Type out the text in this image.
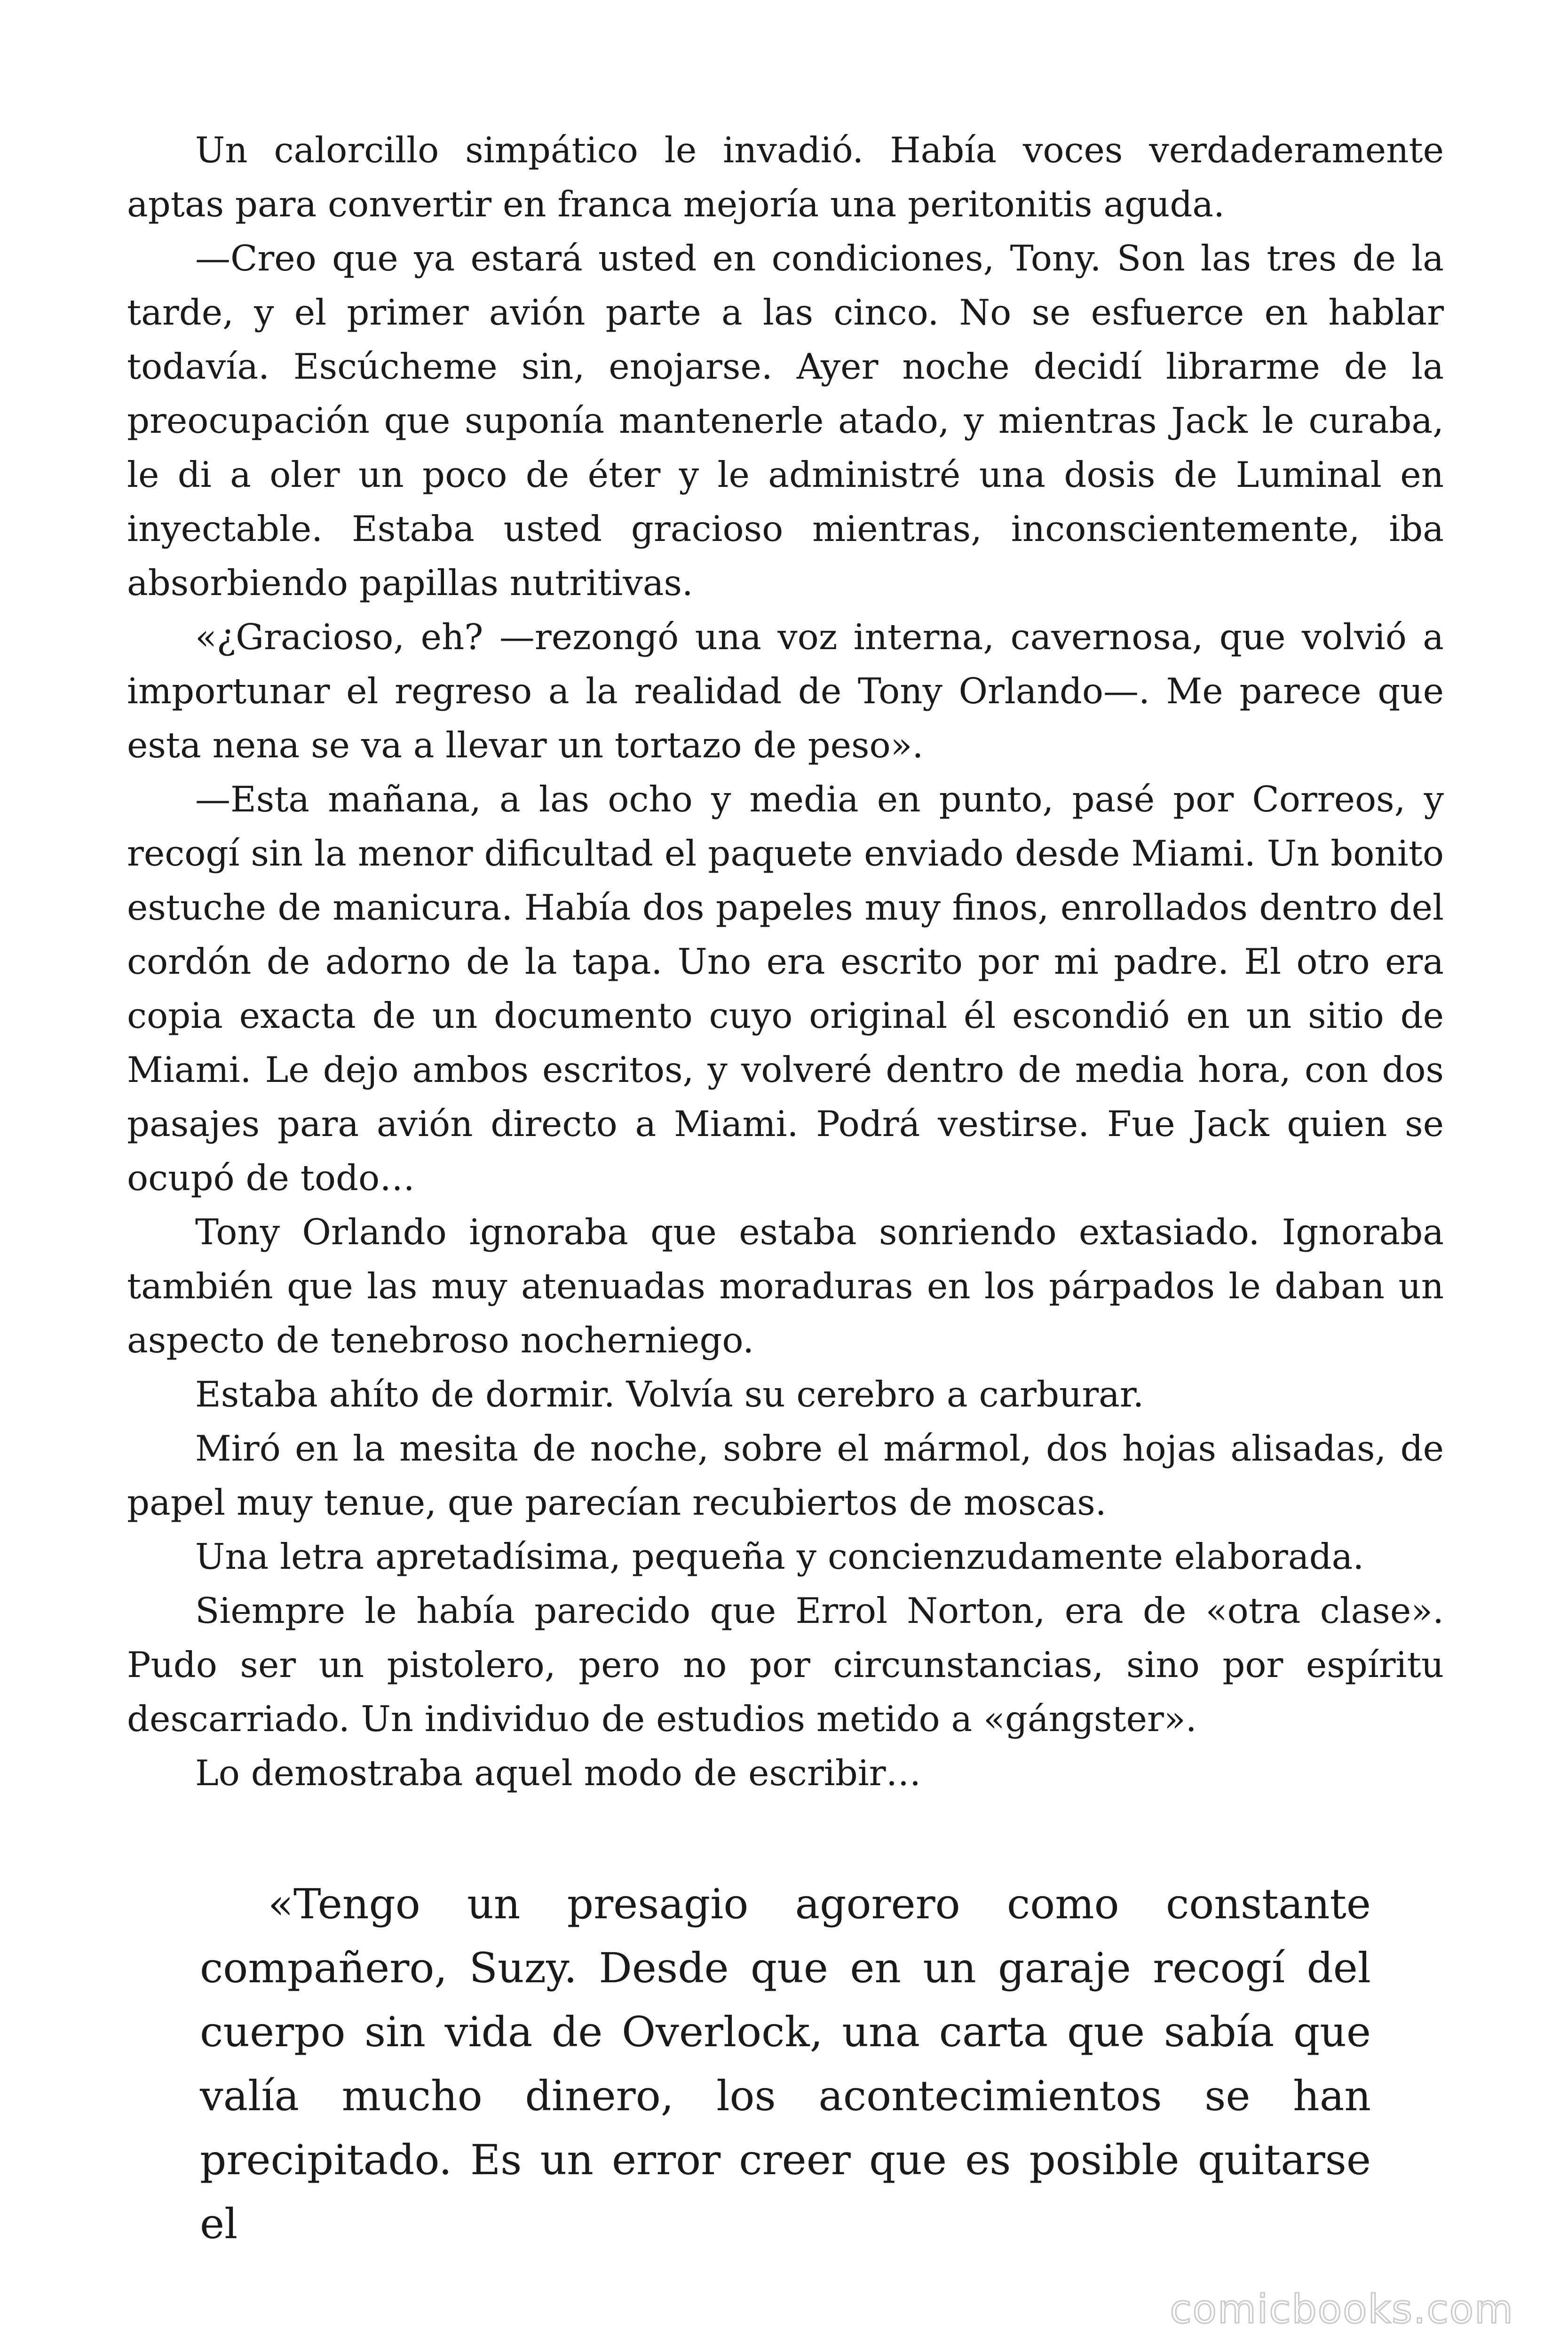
Un calorcillo simpático le invadió. Había voces verdaderamente aptas para convertir en franca mejoría una peritonitis aguda.

—Creo que ya estará usted en condiciones, Tony. Son las tres de la tarde, y el primer avión parte a las cinco. No se esfuerce en hablar todavía. Escúcheme sin, enojarse. Ayer noche decidí librarme de la preocupación que suponía mantenerle atado, y mientras Jack le curaba, le di a oler un poco de éter y le administré una dosis de Luminal en inyectable. Estaba usted gracioso mientras, inconscientemente, iba absorbiendo papillas nutritivas.

«¿Gracioso, eh? —rezongó una voz interna, cavernosa, que volvió a importunar el regreso a la realidad de Tony Orlando—. Me parece que esta nena se va a llevar un tortazo de peso».

—Esta mañana, a las ocho y media en punto, pasé por Correos, y recogí sin la menor dificultad el paquete enviado desde Miami. Un bonito estuche de manicura. Había dos papeles muy finos, enrollados dentro del cordón de adorno de la tapa. Uno era escrito por mi padre. El otro era copia exacta de un documento cuyo original él escondió en un sitio de Miami. Le dejo ambos escritos, y volveré dentro de media hora, con dos pasajes para avión directo a Miami. Podrá vestirse. Fue Jack quien se ocupó de todo…

Tony Orlando ignoraba que estaba sonriendo extasiado. Ignoraba también que las muy atenuadas moraduras en los párpados le daban un aspecto de tenebroso nocherniego.

Estaba ahíto de dormir. Volvía su cerebro a carburar.

Miró en la mesita de noche, sobre el mármol, dos hojas alisadas, de papel muy tenue, que parecían recubiertos de moscas.

Una letra apretadísima, pequeña y concienzudamente elaborada.

Siempre le había parecido que Errol Norton, era de «otra clase». Pudo ser un pistolero, pero no por circunstancias, sino por espíritu descarriado. Un individuo de estudios metido a «gángster».

Lo demostraba aquel modo de escribir…

«Tengo un presagio agorero como constante compañero, Suzy. Desde que en un garaje recogí del cuerpo sin vida de Overlock, una carta que sabía que valía mucho dinero, los acontecimientos se han precipitado. Es un error creer que es posible quitarse el

comicbooks.com
